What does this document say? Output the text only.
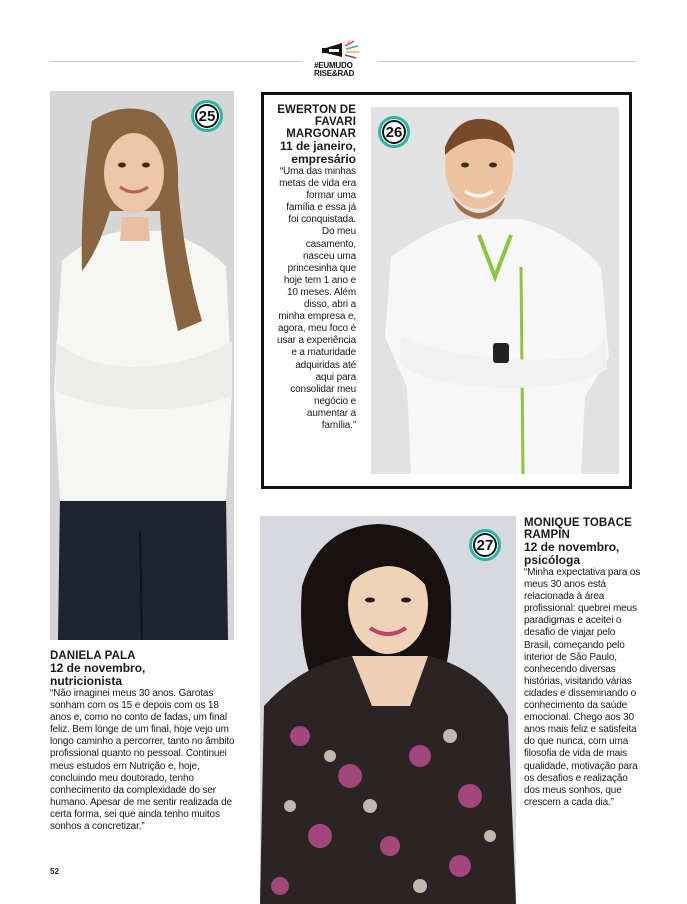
#EUMUDO
RISE&RAD
25
26
EWERTON DE FAVARI MARGONAR
11 de janeiro,
empresário
“Uma das minhas metas de vida era formar uma família e essa já foi conquistada. Do meu casamento, nasceu uma princesinha que hoje tem 1 ano e 10 meses. Além disso, abri a minha empresa e, agora, meu foco é usar a experiência e a maturidade adquiridas até aqui para consolidar meu negócio e aumentar a família.”
27
MONIQUE TOBACE RAMPIN
12 de novembro,
psicóloga
“Minha expectativa para os meus 30 anos está relacionada à área profissional: quebrei meus paradigmas e aceitei o desafio de viajar pelo Brasil, começando pelo interior de São Paulo, conhecendo diversas histórias, visitando várias cidades e disseminando o conhecimento da saúde emocional. Chego aos 30 anos mais feliz e satisfeita do que nunca, com uma filosofia de vida de mais qualidade, motivação para os desafios e realização dos meus sonhos, que crescem a cada dia.”
DANIELA PALA
12 de novembro,
nutricionista
“Não imaginei meus 30 anos. Garotas sonham com os 15 e depois com os 18 anos e, como no conto de fadas, um final feliz. Bem longe de um final, hoje vejo um longo caminho a percorrer, tanto no âmbito profissional quanto no pessoal. Continuei meus estudos em Nutrição e, hoje, concluindo meu doutorado, tenho conhecimento da complexidade do ser humano. Apesar de me sentir realizada de certa forma, sei que ainda tenho muitos sonhos a concretizar.”
52
